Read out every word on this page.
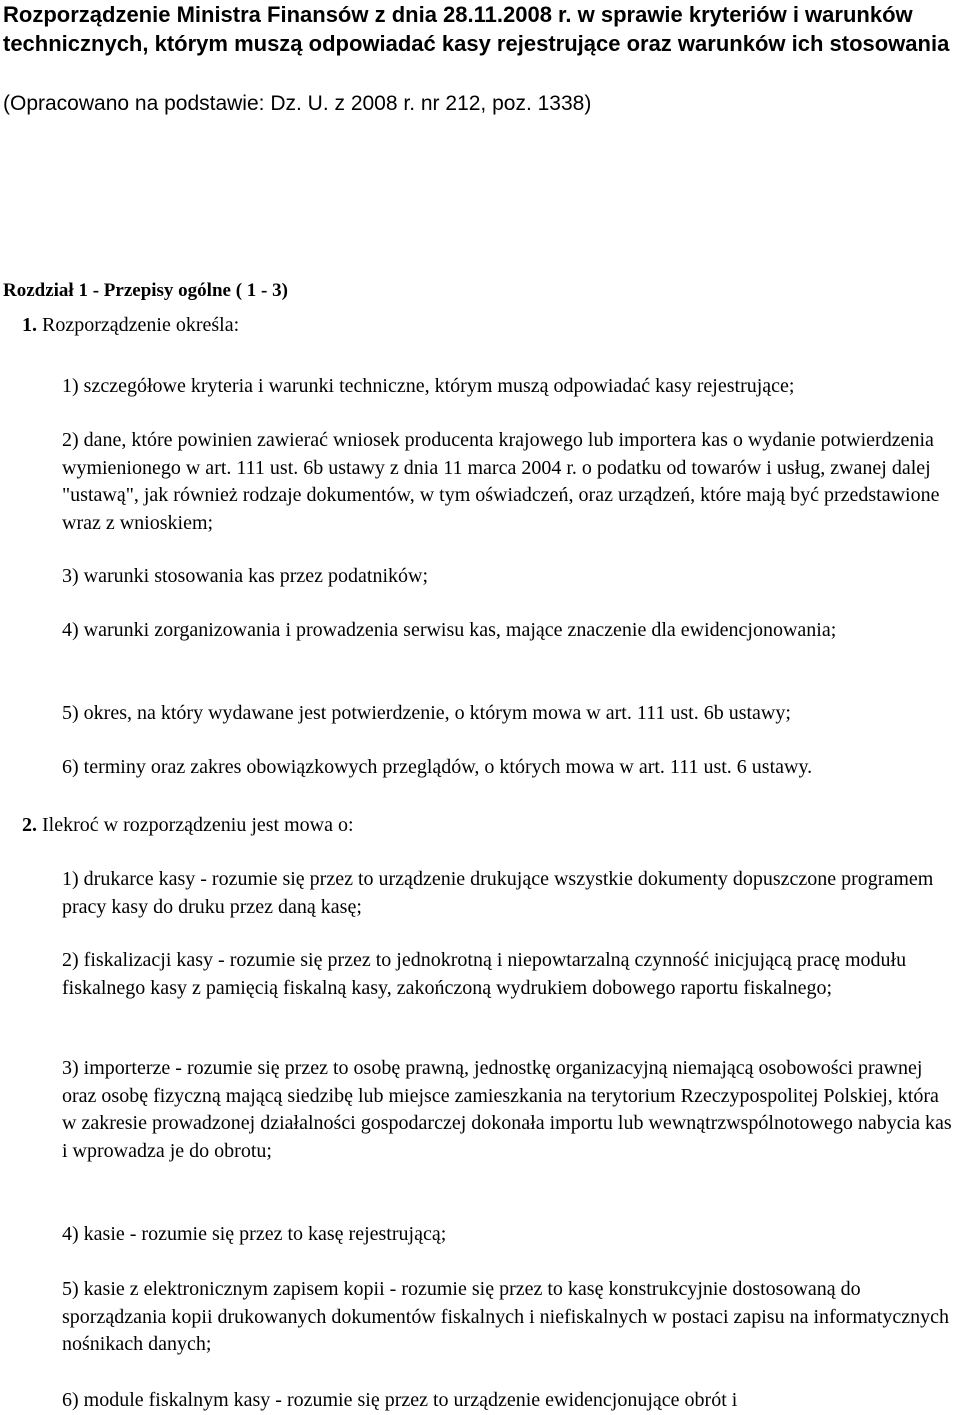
Rozporządzenie Ministra Finansów z dnia 28.11.2008 r. w sprawie kryteriów i warunków technicznych, którym muszą odpowiadać kasy rejestrujące oraz warunków ich stosowania

(Opracowano na podstawie: Dz. U. z 2008 r. nr 212, poz. 1338)

Rozdział 1 - Przepisy ogólne ( 1 - 3)

1. Rozporządzenie określa:

1) szczegółowe kryteria i warunki techniczne, którym muszą odpowiadać kasy rejestrujące;

2) dane, które powinien zawierać wniosek producenta krajowego lub importera kas o wydanie potwierdzenia wymienionego w art. 111 ust. 6b ustawy z dnia 11 marca 2004 r. o podatku od towarów i usług, zwanej dalej "ustawą", jak również rodzaje dokumentów, w tym oświadczeń, oraz urządzeń, które mają być przedstawione wraz z wnioskiem;

3) warunki stosowania kas przez podatników;

4) warunki zorganizowania i prowadzenia serwisu kas, mające znaczenie dla ewidencjonowania;

5) okres, na który wydawane jest potwierdzenie, o którym mowa w art. 111 ust. 6b ustawy;

6) terminy oraz zakres obowiązkowych przeglądów, o których mowa w art. 111 ust. 6 ustawy.

2. Ilekroć w rozporządzeniu jest mowa o:

1) drukarce kasy - rozumie się przez to urządzenie drukujące wszystkie dokumenty dopuszczone programem pracy kasy do druku przez daną kasę;

2) fiskalizacji kasy - rozumie się przez to jednokrotną i niepowtarzalną czynność inicjującą pracę modułu fiskalnego kasy z pamięcią fiskalną kasy, zakończoną wydrukiem dobowego raportu fiskalnego;

3) importerze - rozumie się przez to osobę prawną, jednostkę organizacyjną niemającą osobowości prawnej oraz osobę fizyczną mającą siedzibę lub miejsce zamieszkania na terytorium Rzeczypospolitej Polskiej, która w zakresie prowadzonej działalności gospodarczej dokonała importu lub wewnątrzwspólnotowego nabycia kas i wprowadza je do obrotu;

4) kasie - rozumie się przez to kasę rejestrującą;

5) kasie z elektronicznym zapisem kopii - rozumie się przez to kasę konstrukcyjnie dostosowaną do sporządzania kopii drukowanych dokumentów fiskalnych i niefiskalnych w postaci zapisu na informatycznych nośnikach danych;

6) module fiskalnym kasy - rozumie się przez to urządzenie ewidencjonujące obrót i
